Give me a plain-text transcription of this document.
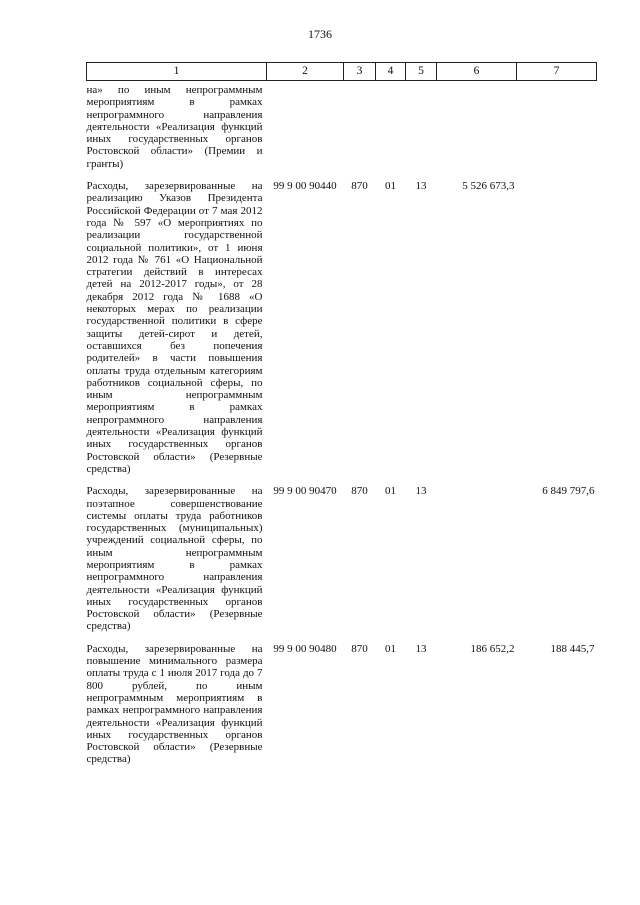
1736
1	2	3	4	5	6	7
на» по иным непрограммным мероприятиям в рамках непрограммного направления деятельности «Реализация функций иных государственных органов Ростовской области» (Премии и гранты)						
Расходы, зарезервированные на реализацию Указов Президента Российской Федерации от 7 мая 2012 года № 597 «О мероприятиях по реализации государственной социальной политики», от 1 июня 2012 года № 761 «О Национальной стратегии действий в интересах детей на 2012-2017 годы», от 28 декабря 2012 года № 1688 «О некоторых мерах по реализации государственной политики в сфере защиты детей-сирот и детей, оставшихся без попечения родителей» в части повышения оплаты труда отдельным категориям работников социальной сферы, по иным непрограммным мероприятиям в рамках непрограммного направления деятельности «Реализация функций иных государственных органов Ростовской области» (Резервные средства)	99 9 00 90440	870	01	13	5 526 673,3	
Расходы, зарезервированные на поэтапное совершенствование системы оплаты труда работников государственных (муниципальных) учреждений социальной сферы, по иным непрограммным мероприятиям в рамках непрограммного направления деятельности «Реализация функций иных государственных органов Ростовской области» (Резервные средства)	99 9 00 90470	870	01	13		6 849 797,6
Расходы, зарезервированные на повышение минимального размера оплаты труда с 1 июля 2017 года до 7 800 рублей, по иным непрограммным мероприятиям в рамках непрограммного направления деятельности «Реализация функций иных государственных органов Ростовской области» (Резервные средства)	99 9 00 90480	870	01	13	186 652,2	188 445,7
